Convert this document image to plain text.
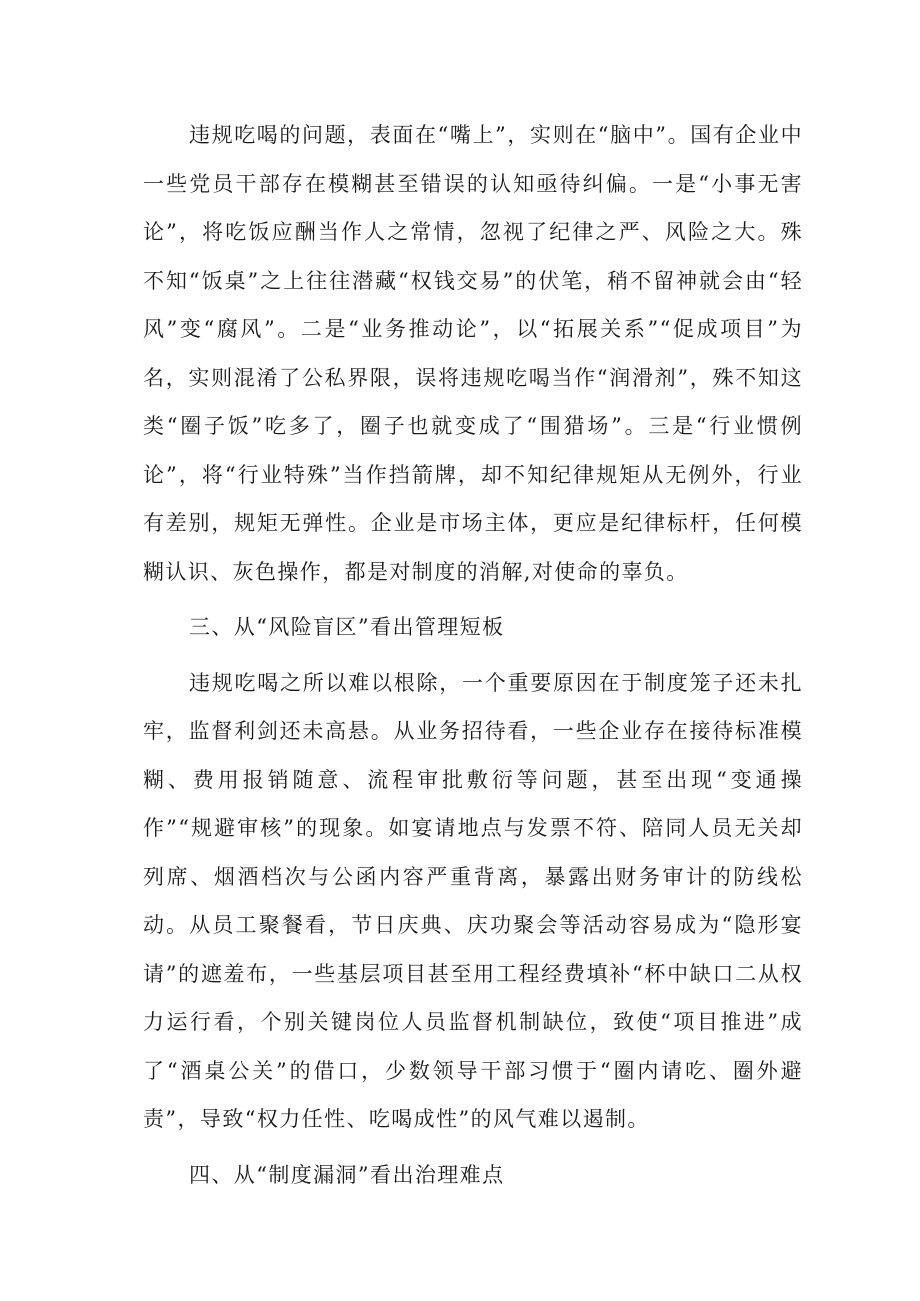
违规吃喝的问题，表面在“嘴上”，实则在“脑中”。国有企业中一些党员干部存在模糊甚至错误的认知亟待纠偏。一是“小事无害论”，将吃饭应酬当作人之常情，忽视了纪律之严、风险之大。殊不知“饭桌”之上往往潜藏“权钱交易”的伏笔，稍不留神就会由“轻风”变“腐风”。二是“业务推动论”，以“拓展关系”“促成项目”为名，实则混淆了公私界限，误将违规吃喝当作“润滑剂”，殊不知这类“圈子饭”吃多了，圈子也就变成了“围猎场”。三是“行业惯例论”，将“行业特殊”当作挡箭牌，却不知纪律规矩从无例外，行业有差别，规矩无弹性。企业是市场主体，更应是纪律标杆，任何模糊认识、灰色操作，都是对制度的消解,对使命的辜负。

三、从“风险盲区”看出管理短板

违规吃喝之所以难以根除，一个重要原因在于制度笼子还未扎牢，监督利剑还未高悬。从业务招待看，一些企业存在接待标准模糊、费用报销随意、流程审批敷衍等问题，甚至出现“变通操作”“规避审核”的现象。如宴请地点与发票不符、陪同人员无关却列席、烟酒档次与公函内容严重背离，暴露出财务审计的防线松动。从员工聚餐看，节日庆典、庆功聚会等活动容易成为“隐形宴请”的遮羞布，一些基层项目甚至用工程经费填补“杯中缺口二从权力运行看，个别关键岗位人员监督机制缺位，致使“项目推进”成了“酒桌公关”的借口，少数领导干部习惯于“圈内请吃、圈外避责”，导致“权力任性、吃喝成性”的风气难以遏制。

四、从“制度漏洞”看出治理难点
